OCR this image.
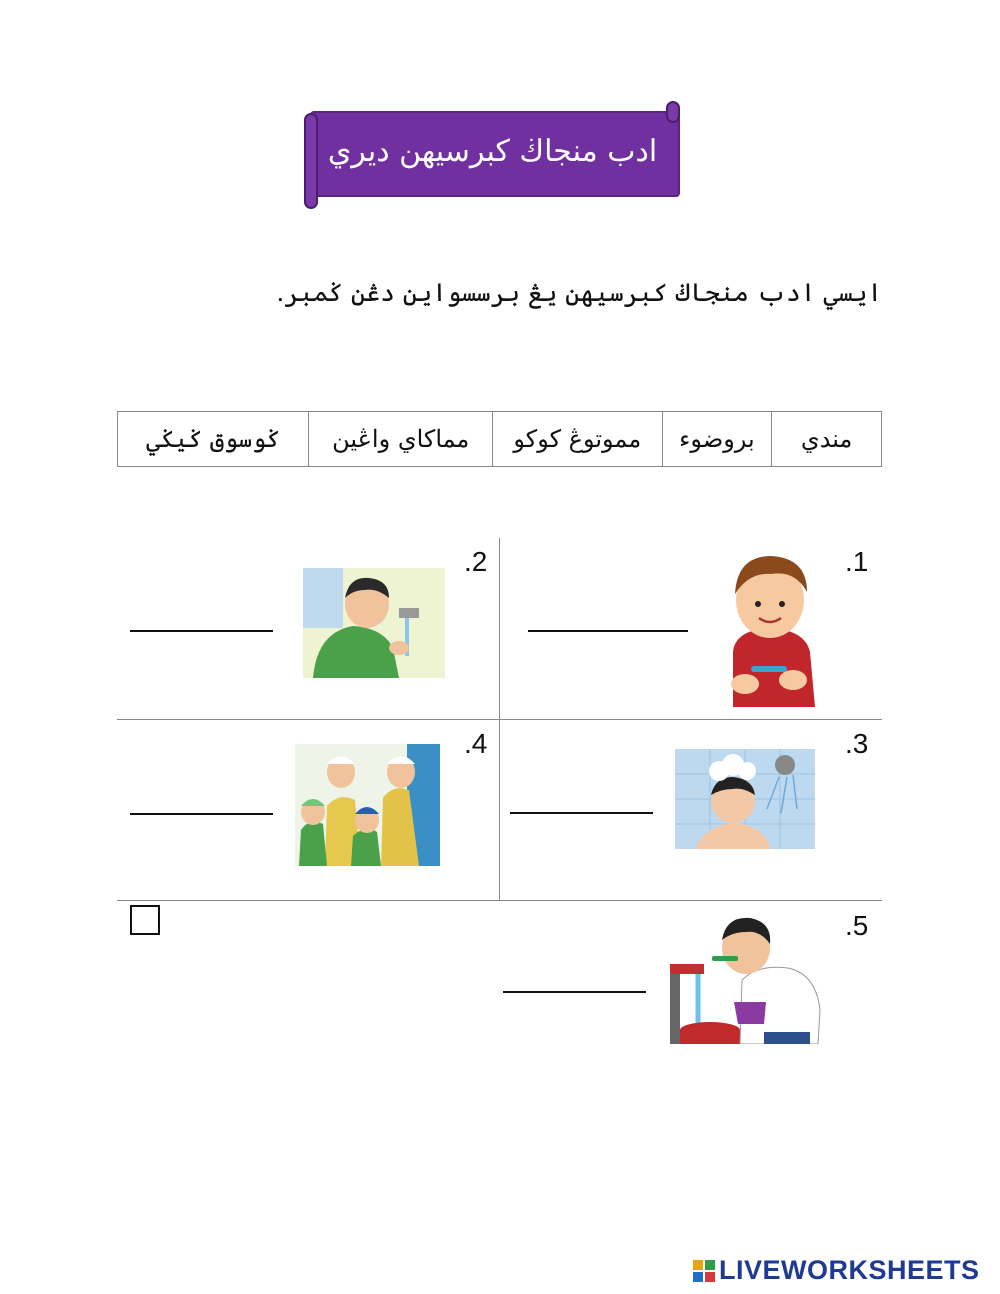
ادب منجاڬ كبرسيهن ديري
ايسي ادب منجاڬ كبرسيهن يڠ برسسواين دڠن ݢمبر.
مندي
بروضوء
مموتوڠ كوكو
مماكاي واڠين
ݢوسوق ݢيݢي
.1
.2
.3
.4
.5
LIVEWORKSHEETS
